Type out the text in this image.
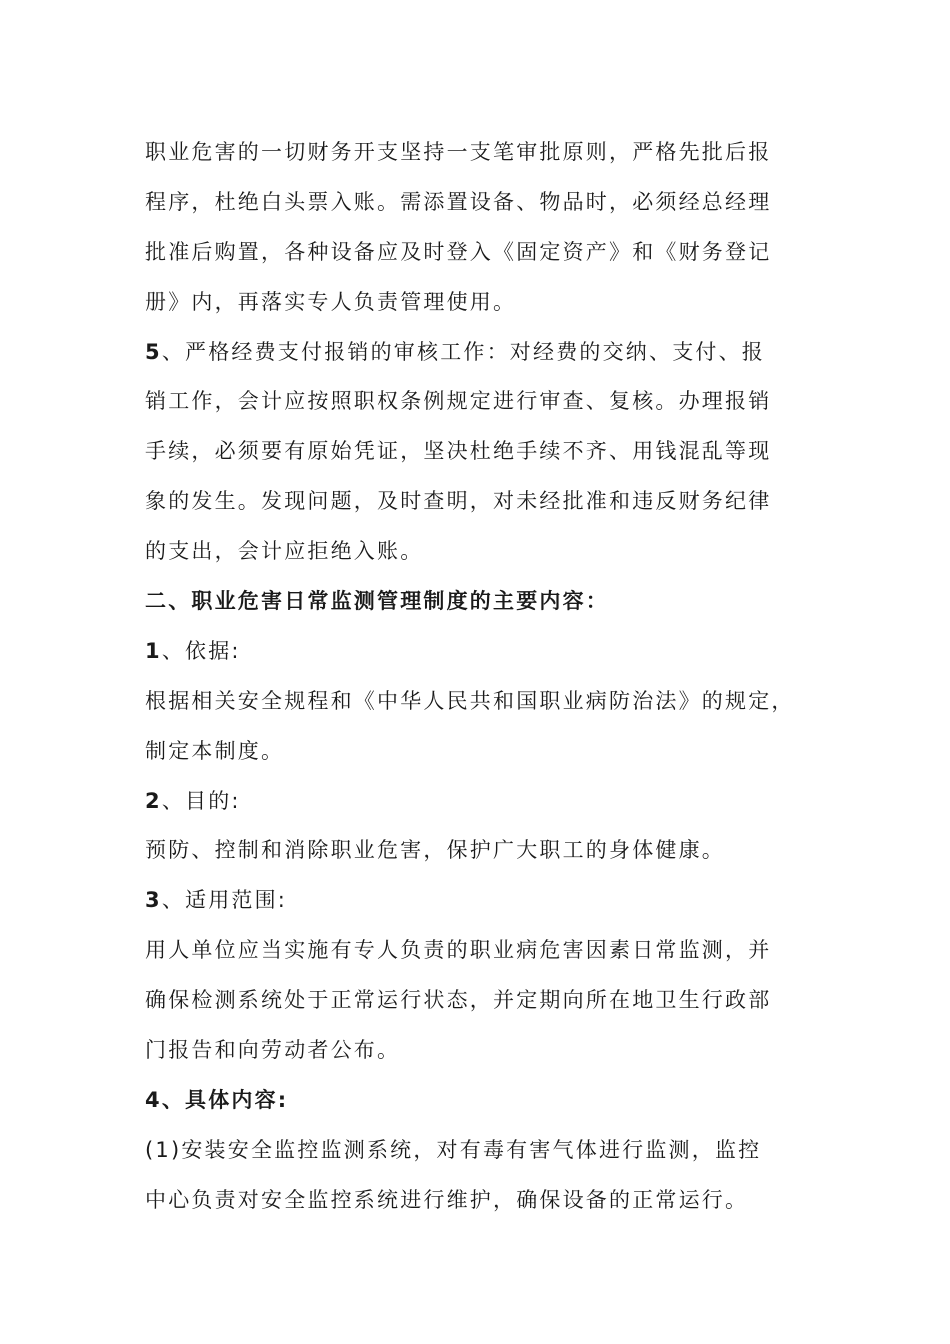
职业危害的一切财务开支坚持一支笔审批原则，严格先批后报
程序，杜绝白头票入账。需添置设备、物品时，必须经总经理
批准后购置，各种设备应及时登入《固定资产》和《财务登记
册》内，再落实专人负责管理使用。
5、严格经费支付报销的审核工作：对经费的交纳、支付、报
销工作，会计应按照职权条例规定进行审查、复核。办理报销
手续，必须要有原始凭证，坚决杜绝手续不齐、用钱混乱等现
象的发生。发现问题，及时查明，对未经批准和违反财务纪律
的支出，会计应拒绝入账。
二、职业危害日常监测管理制度的主要内容：
1、依据:
根据相关安全规程和《中华人民共和国职业病防治法》的规定，
制定本制度。
2、目的:
预防、控制和消除职业危害，保护广大职工的身体健康。
3、适用范围:
用人单位应当实施有专人负责的职业病危害因素日常监测，并
确保检测系统处于正常运行状态，并定期向所在地卫生行政部
门报告和向劳动者公布。
4、具体内容:
(1)安装安全监控监测系统，对有毒有害气体进行监测，监控
中心负责对安全监控系统进行维护，确保设备的正常运行。
